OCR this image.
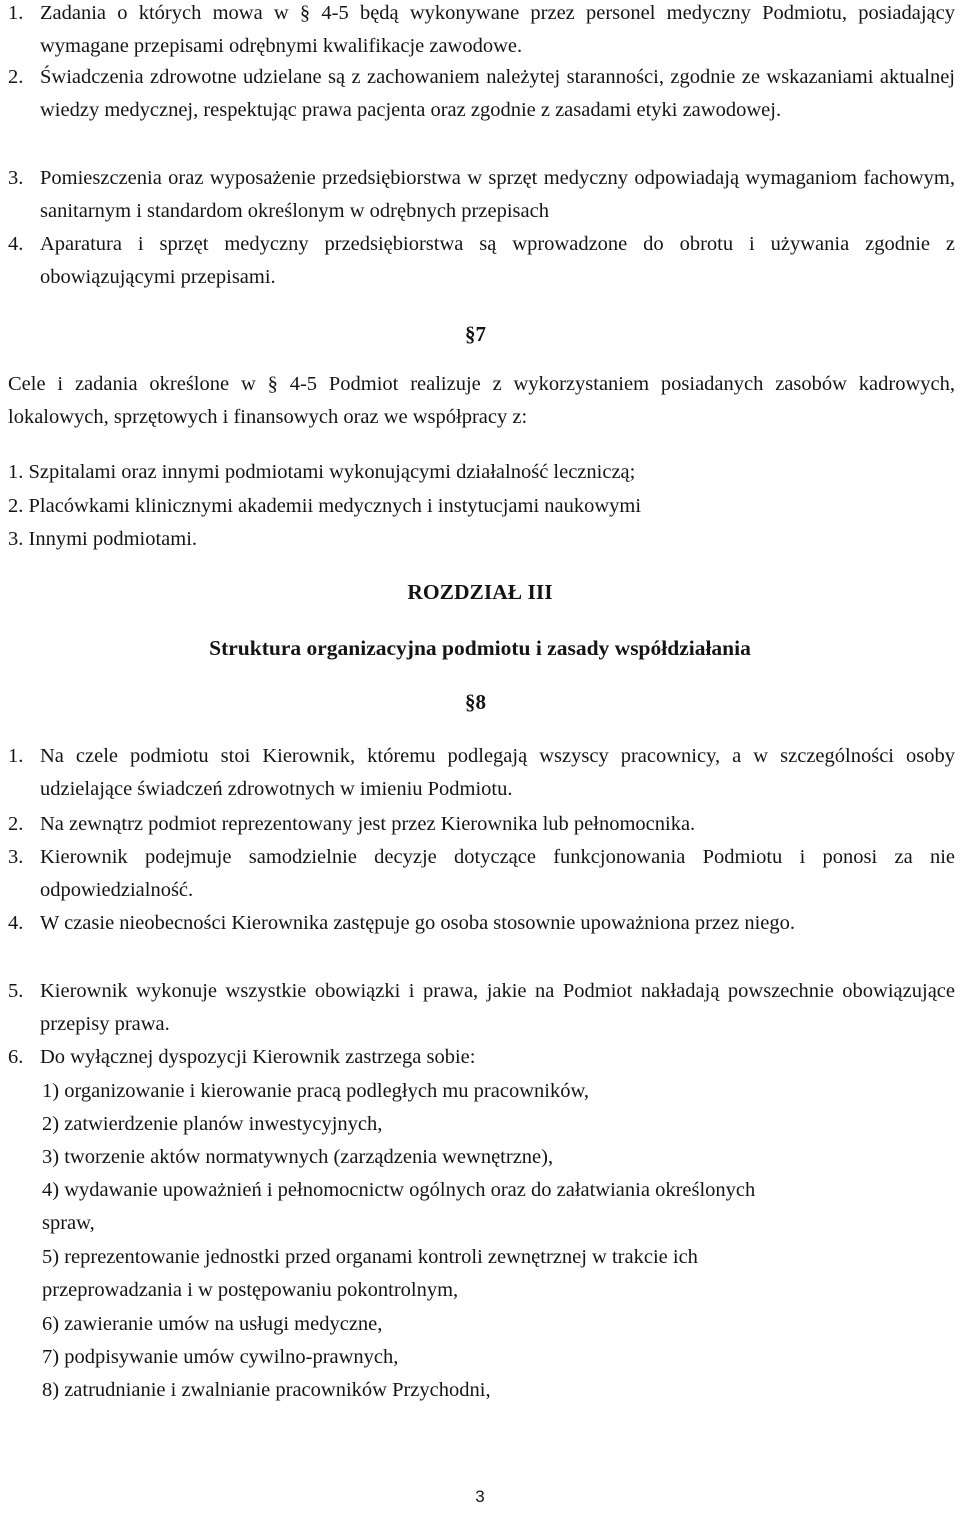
1. Zadania o których mowa w § 4-5 będą wykonywane przez personel medyczny Podmiotu, posiadający wymagane przepisami odrębnymi kwalifikacje zawodowe.
2. Świadczenia zdrowotne udzielane są z zachowaniem należytej staranności, zgodnie ze wskazaniami aktualnej wiedzy medycznej, respektując prawa pacjenta oraz zgodnie z zasadami etyki zawodowej.
3. Pomieszczenia oraz wyposażenie przedsiębiorstwa w sprzęt medyczny odpowiadają wymaganiom fachowym, sanitarnym i standardom określonym w odrębnych przepisach
4. Aparatura i sprzęt medyczny przedsiębiorstwa są wprowadzone do obrotu i używania zgodnie z obowiązującymi przepisami.
§7
Cele i zadania określone w § 4-5 Podmiot realizuje z wykorzystaniem posiadanych zasobów kadrowych, lokalowych, sprzętowych i finansowych oraz we współpracy z:
1. Szpitalami oraz innymi podmiotami wykonującymi działalność leczniczą;
2. Placówkami klinicznymi akademii medycznych i instytucjami naukowymi
3. Innymi podmiotami.
ROZDZIAŁ III
Struktura organizacyjna podmiotu i zasady współdziałania
§8
1. Na czele podmiotu stoi Kierownik, któremu podlegają wszyscy pracownicy, a w szczególności osoby udzielające świadczeń zdrowotnych w imieniu Podmiotu.
2. Na zewnątrz podmiot reprezentowany jest przez Kierownika lub pełnomocnika.
3. Kierownik podejmuje samodzielnie decyzje dotyczące funkcjonowania Podmiotu i ponosi za nie odpowiedzialność.
4. W czasie nieobecności Kierownika zastępuje go osoba stosownie upoważniona przez niego.
5. Kierownik wykonuje wszystkie obowiązki i prawa, jakie na Podmiot nakładają powszechnie obowiązujące przepisy prawa.
6. Do wyłącznej dyspozycji Kierownik zastrzega sobie:
1) organizowanie i kierowanie pracą podległych mu pracowników,
2) zatwierdzenie planów inwestycyjnych,
3) tworzenie aktów normatywnych (zarządzenia wewnętrzne),
4) wydawanie upoważnień i pełnomocnictw ogólnych oraz do załatwiania określonych
spraw,
5) reprezentowanie jednostki przed organami kontroli zewnętrznej w trakcie ich
przeprowadzania i w postępowaniu pokontrolnym,
6) zawieranie umów na usługi medyczne,
7) podpisywanie umów cywilno-prawnych,
8) zatrudnianie i zwalnianie pracowników Przychodni,
3
